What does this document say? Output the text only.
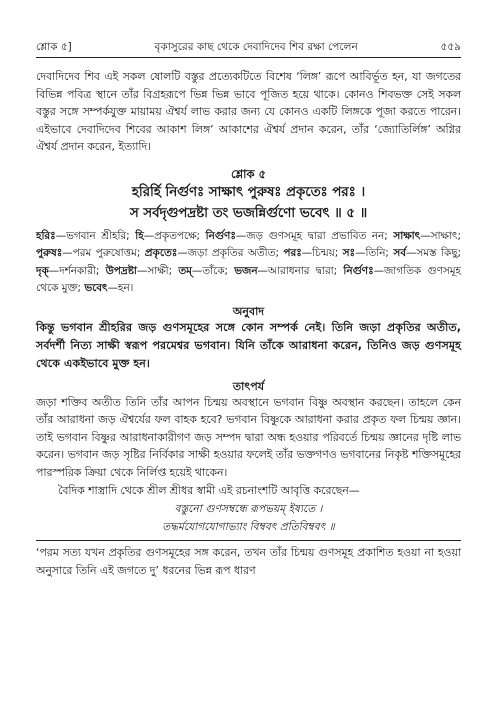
শ্লোক ৫]	বৃকাসুরের কাছ থেকে দেবাদিদেব শিব রক্ষা পেলেন	৫৫৯

দেবাদিদেব শিব এই সকল ষোলটি বস্তুর প্রত্যেকটিতে বিশেষ ‘লিঙ্গ’ রূপে আবির্ভূত হন, যা জগতের বিভিন্ন পবিত্র স্থানে তাঁর বিগ্রহরূপে ভিন্ন ভিন্ন ভাবে পূজিত হয়ে থাকে। কোনও শিবভক্ত সেই সকল বস্তুর সঙ্গে সম্পর্কযুক্ত মায়াময় ঐশ্বর্য লাভ করার জন্য যে কোনও একটি লিঙ্গকে পূজা করতে পারেন। এইভাবে দেবাদিদেব শিবের আকাশ লিঙ্গ’ আকাশের ঐশ্বর্য প্রদান করেন, তাঁর ‘জ্যোতির্লিঙ্গ’ অগ্নির ঐশ্বর্য প্রদান করেন, ইত্যাদি।

শ্লোক ৫
হরির্হি নির্গুণঃ সাক্ষাৎ পুরুষঃ প্রকৃতেঃ পরঃ ।
স সর্বদৃগুপদ্রষ্টা তং ভজন্নির্গুণো ভবেৎ ॥ ৫ ॥

হরিঃ—ভগবান শ্রীহরি; হি—প্রকৃতপক্ষে; নির্গুণঃ—জড় গুণসমূহ দ্বারা প্রভাবিত নন; সাক্ষাৎ—সাক্ষাৎ; পুরুষঃ—পরম পুরুষোত্তম; প্রকৃতেঃ—জড়া প্রকৃতির অতীত; পরঃ—চিন্ময়; সঃ—তিনি; সর্ব—সমস্ত কিছু; দৃক্—দর্শনকারী; উপদ্রষ্টা—সাক্ষী; তম্—তাঁকে; ভজন—আরাধনার দ্বারা; নির্গুণঃ—জাগতিক গুণসমূহ থেকে মুক্ত; ভবেৎ—হন।

অনুবাদ

কিন্তু ভগবান শ্রীহরির জড় গুণসমূহের সঙ্গে কোন সম্পর্ক নেই। তিনি জড়া প্রকৃতির অতীত, সর্বদর্শী নিত্য সাক্ষী স্বরূপ পরমেশ্বর ভগবান। যিনি তাঁকে আরাধনা করেন, তিনিও জড় গুণসমূহ থেকে একইভাবে মুক্ত হন।

তাৎপর্য

জড়া শক্তিব অতীত তিনি তাঁর আপন চিন্ময় অবস্থানে ভগবান বিষ্ণু অবস্থান করছেন। তাহলে কেন তাঁর আরাধনা জড় ঐশ্বর্যের ফল বাহক হবে? ভগবান বিষ্ণুকে আরাধনা করার প্রকৃত ফল চিন্ময় জ্ঞান। তাই ভগবান বিষ্ণুর আরাধনাকারীগণ জড় সম্পদ দ্বারা অন্ধ হওয়ার পরিবর্তে চিন্ময় জ্ঞানের দৃষ্টি লাভ করেন। ভগবান জড় সৃষ্টির নির্বিকার সাক্ষী হওয়ার ফলেই তাঁর ভক্তগণও ভগবানের নিকৃষ্ট শক্তিসমূহের পারস্পরিক ক্রিয়া থেকে নির্লিপ্ত হয়েই থাকেন।

বৈদিক শাস্ত্রাদি থেকে শ্রীল শ্রীধর স্বামী এই রচনাংশটি আবৃত্তি করেছেন—

বস্তুনো গুণসম্বন্ধে রূপভয়ম্ ইষ্যতে ।
তদ্ধর্মযোগযোগাভ্যাং বিম্ববৎ প্রতিবিম্ববৎ ॥

‘পরম সত্য যখন প্রকৃতির গুণসমূহের সঙ্গ করেন, তখন তাঁর চিন্ময় গুণসমূহ প্রকাশিত হওয়া না হওয়া অনুসারে তিনি এই জগতে দু’ ধরনের ভিন্ন রূপ ধারণ
